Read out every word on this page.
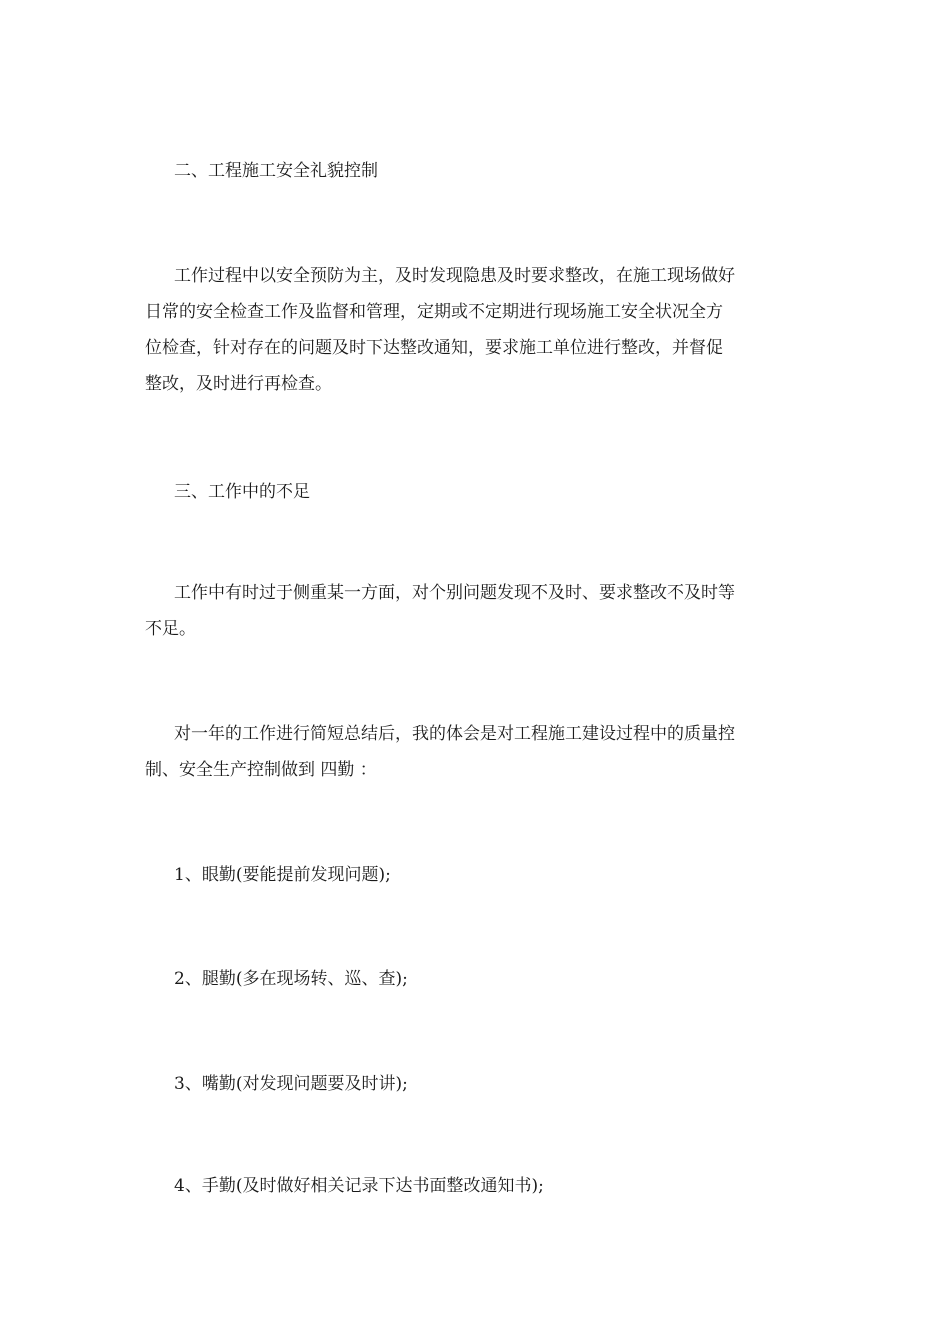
二、工程施工安全礼貌控制

工作过程中以安全预防为主，及时发现隐患及时要求整改，在施工现场做好
日常的安全检查工作及监督和管理，定期或不定期进行现场施工安全状况全方
位检查，针对存在的问题及时下达整改通知，要求施工单位进行整改，并督促
整改，及时进行再检查。

三、工作中的不足

工作中有时过于侧重某一方面，对个别问题发现不及时、要求整改不及时等
不足。

对一年的工作进行简短总结后，我的体会是对工程施工建设过程中的质量控
制、安全生产控制做到 四勤 ：

1、眼勤(要能提前发现问题);

2、腿勤(多在现场转、巡、查);

3、嘴勤(对发现问题要及时讲);

4、手勤(及时做好相关记录下达书面整改通知书);
